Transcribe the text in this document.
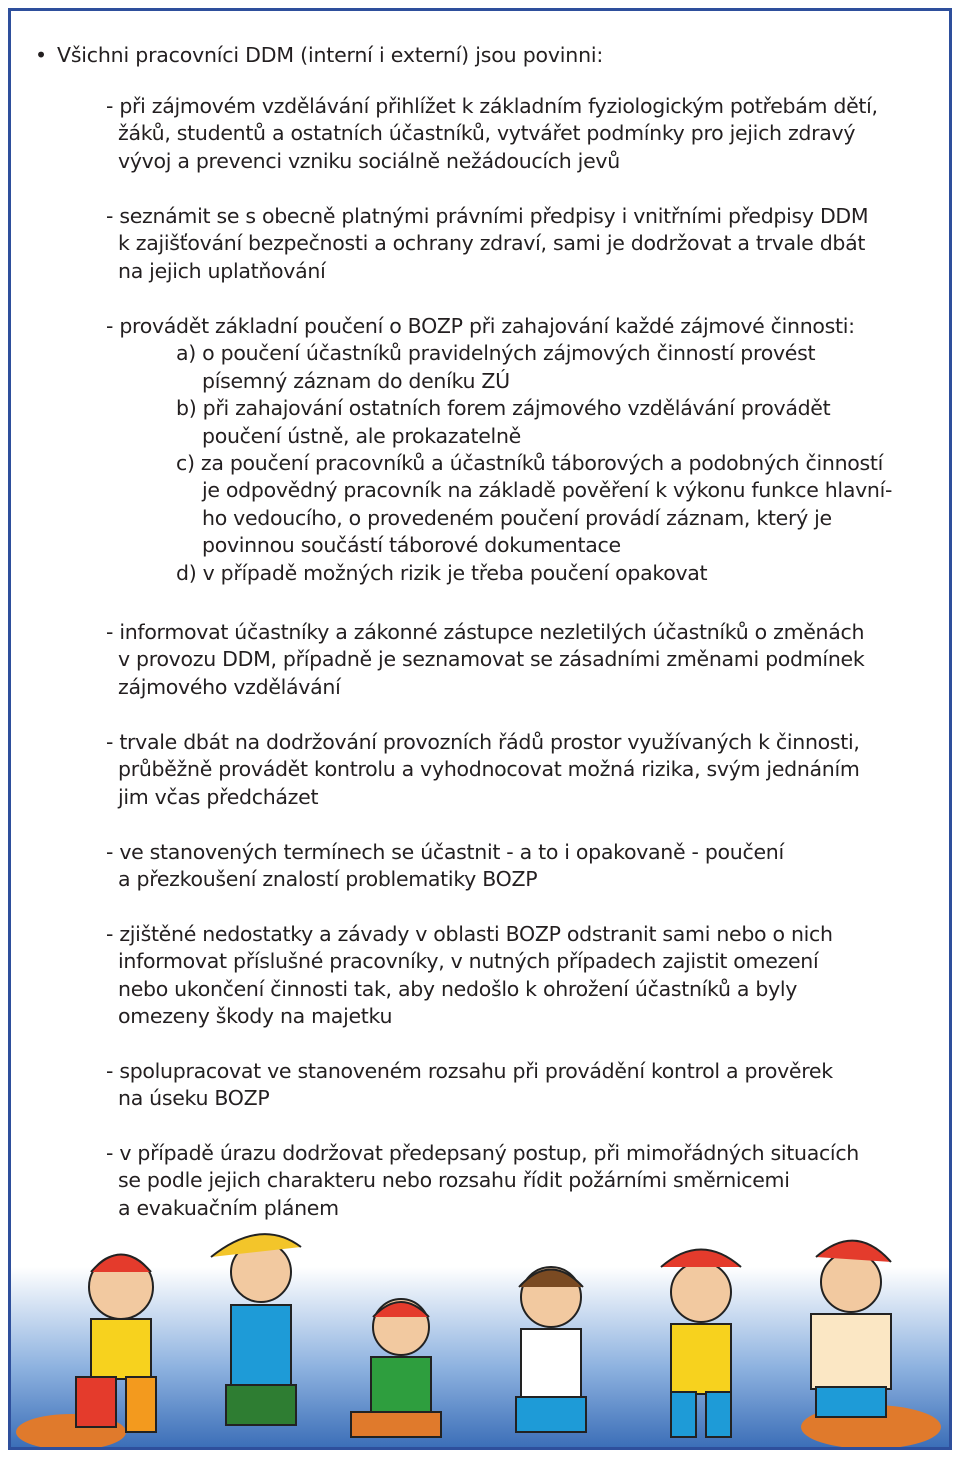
• Všichni pracovníci DDM (interní i externí) jsou povinni:
- při zájmovém vzdělávání přihlížet k základním fyziologickým potřebám dětí,
žáků, studentů a ostatních účastníků, vytvářet podmínky pro jejich zdravý
vývoj a prevenci vzniku sociálně nežádoucích jevů
- seznámit se s obecně platnými právními předpisy i vnitřními předpisy DDM
k zajišťování bezpečnosti a ochrany zdraví, sami je dodržovat a trvale dbát
na jejich uplatňování
- provádět základní poučení o BOZP při zahajování každé zájmové činnosti:
a) o poučení účastníků pravidelných zájmových činností provést
písemný záznam do deníku ZÚ
b) při zahajování ostatních forem zájmového vzdělávání provádět
poučení ústně, ale prokazatelně
c) za poučení pracovníků a účastníků táborových a podobných činností
je odpovědný pracovník na základě pověření k výkonu funkce hlavní-
ho vedoucího, o provedeném poučení provádí záznam, který je
povinnou součástí táborové dokumentace
d) v případě možných rizik je třeba poučení opakovat
- informovat účastníky a zákonné zástupce nezletilých účastníků o změnách
v provozu DDM, případně je seznamovat se zásadními změnami podmínek
zájmového vzdělávání
- trvale dbát na dodržování provozních řádů prostor využívaných k činnosti,
průběžně provádět kontrolu a vyhodnocovat možná rizika, svým jednáním
jim včas předcházet
- ve stanovených termínech se účastnit - a to i opakovaně - poučení
a přezkoušení znalostí problematiky BOZP
- zjištěné nedostatky a závady v oblasti BOZP odstranit sami nebo o nich
informovat příslušné pracovníky, v nutných případech zajistit omezení
nebo ukončení činnosti tak, aby nedošlo k ohrožení účastníků a byly
omezeny škody na majetku
- spolupracovat ve stanoveném rozsahu při provádění kontrol a prověrek
na úseku BOZP
- v případě úrazu dodržovat předepsaný postup, při mimořádných situacích
se podle jejich charakteru nebo rozsahu řídit požárními směrnicemi
a evakuačním plánem
